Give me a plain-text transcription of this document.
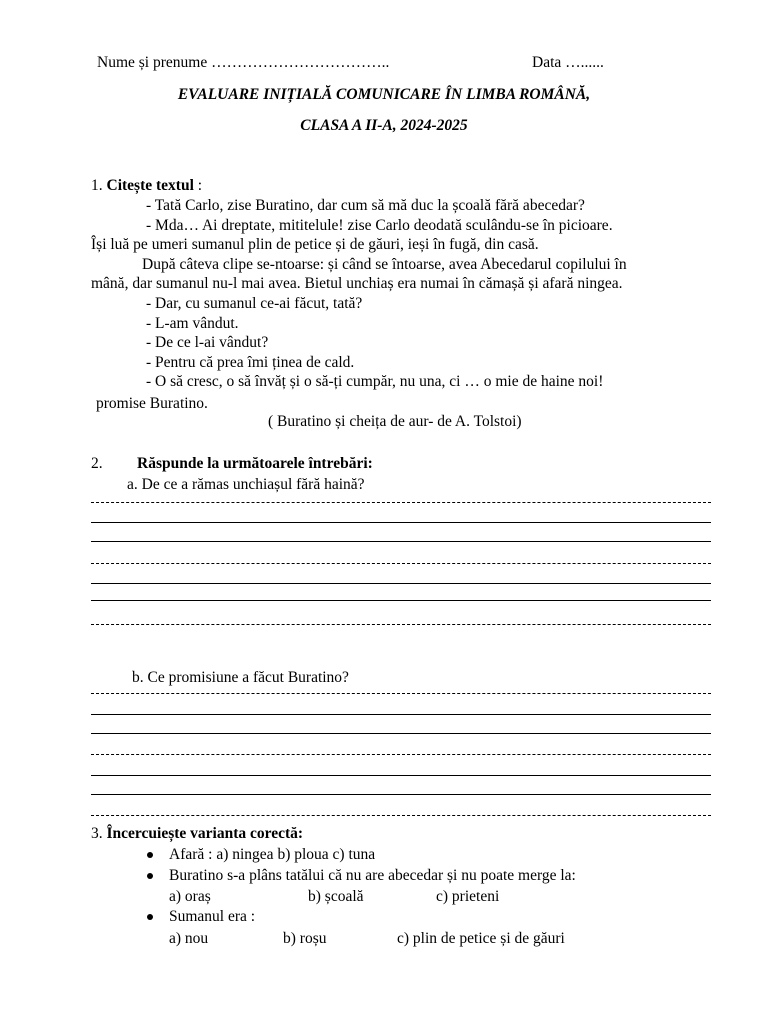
Nume și prenume ……………………………..	Data …......
EVALUARE INIȚIALĂ COMUNICARE ÎN LIMBA ROMÂNĂ,
CLASA A II-A, 2024-2025
1. Citește textul :
- Tată Carlo, zise Buratino, dar cum să mă duc la școală fără abecedar?
- Mda… Ai dreptate, mititelule! zise Carlo deodată sculându-se în picioare.
Își luă pe umeri sumanul plin de petice și de găuri, ieși în fugă, din casă.
După câteva clipe se-ntoarse: și când se întoarse, avea Abecedarul copilului în
mână, dar sumanul nu-l mai avea. Bietul unchiaș era numai în cămașă și afară ningea.
- Dar, cu sumanul ce-ai făcut, tată?
- L-am vândut.
- De ce l-ai vândut?
- Pentru că prea îmi ținea de cald.
- O să cresc, o să învăț și o să-ți cumpăr, nu una, ci … o mie de haine noi!
promise Buratino.
( Buratino și cheița de aur- de A. Tolstoi)
2. Răspunde la următoarele întrebări:
a. De ce a rămas unchiașul fără haină?
b. Ce promisiune a făcut Buratino?
3. Încercuiește varianta corectă:
Afară : a) ningea b) ploua c) tuna
Buratino s-a plâns tatălui că nu are abecedar și nu poate merge la:
a) oraș	b) școală	c) prieteni
Sumanul era :
a) nou	b) roșu	c) plin de petice și de găuri
